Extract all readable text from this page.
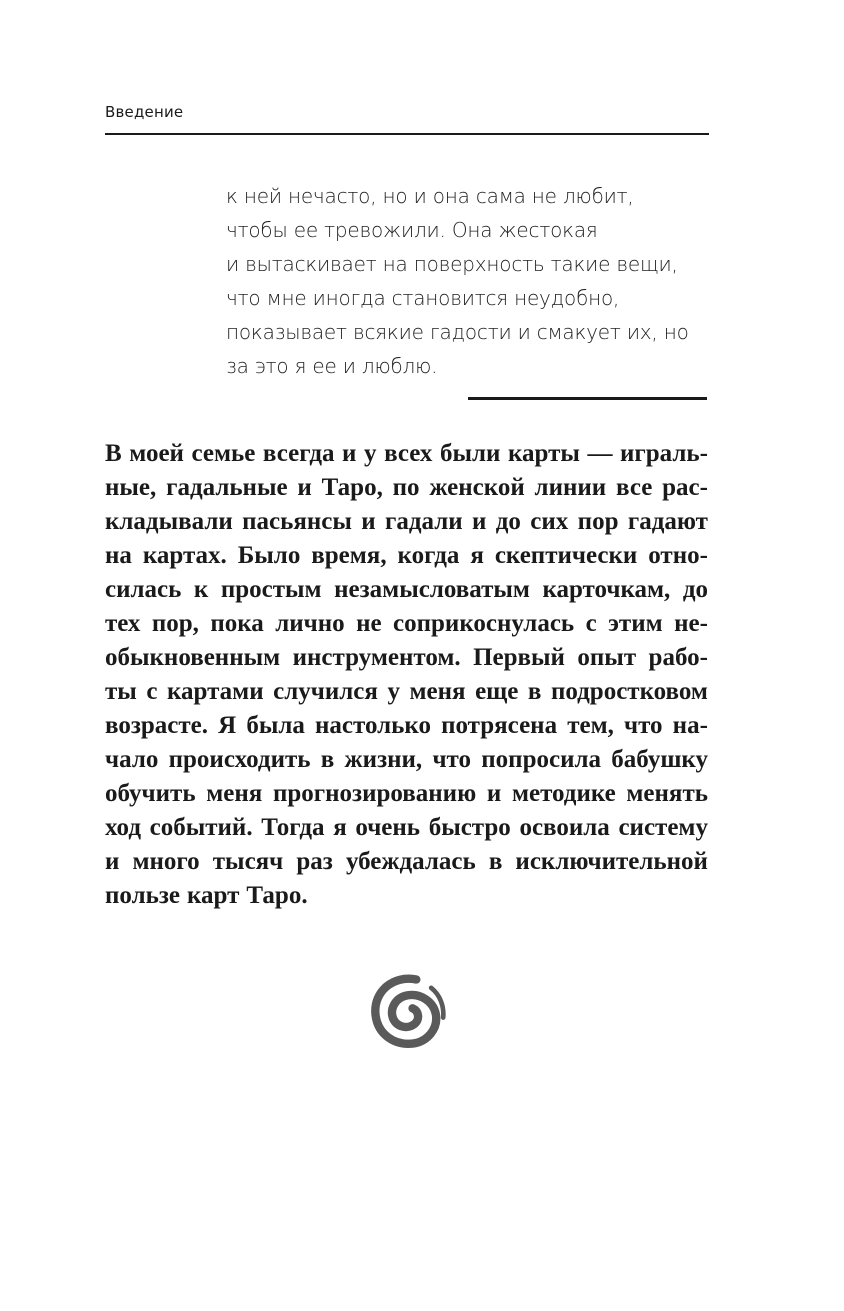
Введение
к ней нечасто, но и она сама не любит,
чтобы ее тревожили. Она жестокая
и вытаскивает на поверхность такие вещи,
что мне иногда становится неудобно,
показывает всякие гадости и смакует их, но
за это я ее и люблю.
В моей семье всегда и у всех были карты — играль-
ные, гадальные и Таро, по женской линии все рас-
кладывали пасьянсы и гадали и до сих пор гадают
на картах. Было время, когда я скептически отно-
силась к простым незамысловатым карточкам, до
тех пор, пока лично не соприкоснулась с этим не-
обыкновенным инструментом. Первый опыт рабо-
ты с картами случился у меня еще в подростковом
возрасте. Я была настолько потрясена тем, что на-
чало происходить в жизни, что попросила бабушку
обучить меня прогнозированию и методике менять
ход событий. Тогда я очень быстро освоила систему
и много тысяч раз убеждалась в исключительной
пользе карт Таро.
